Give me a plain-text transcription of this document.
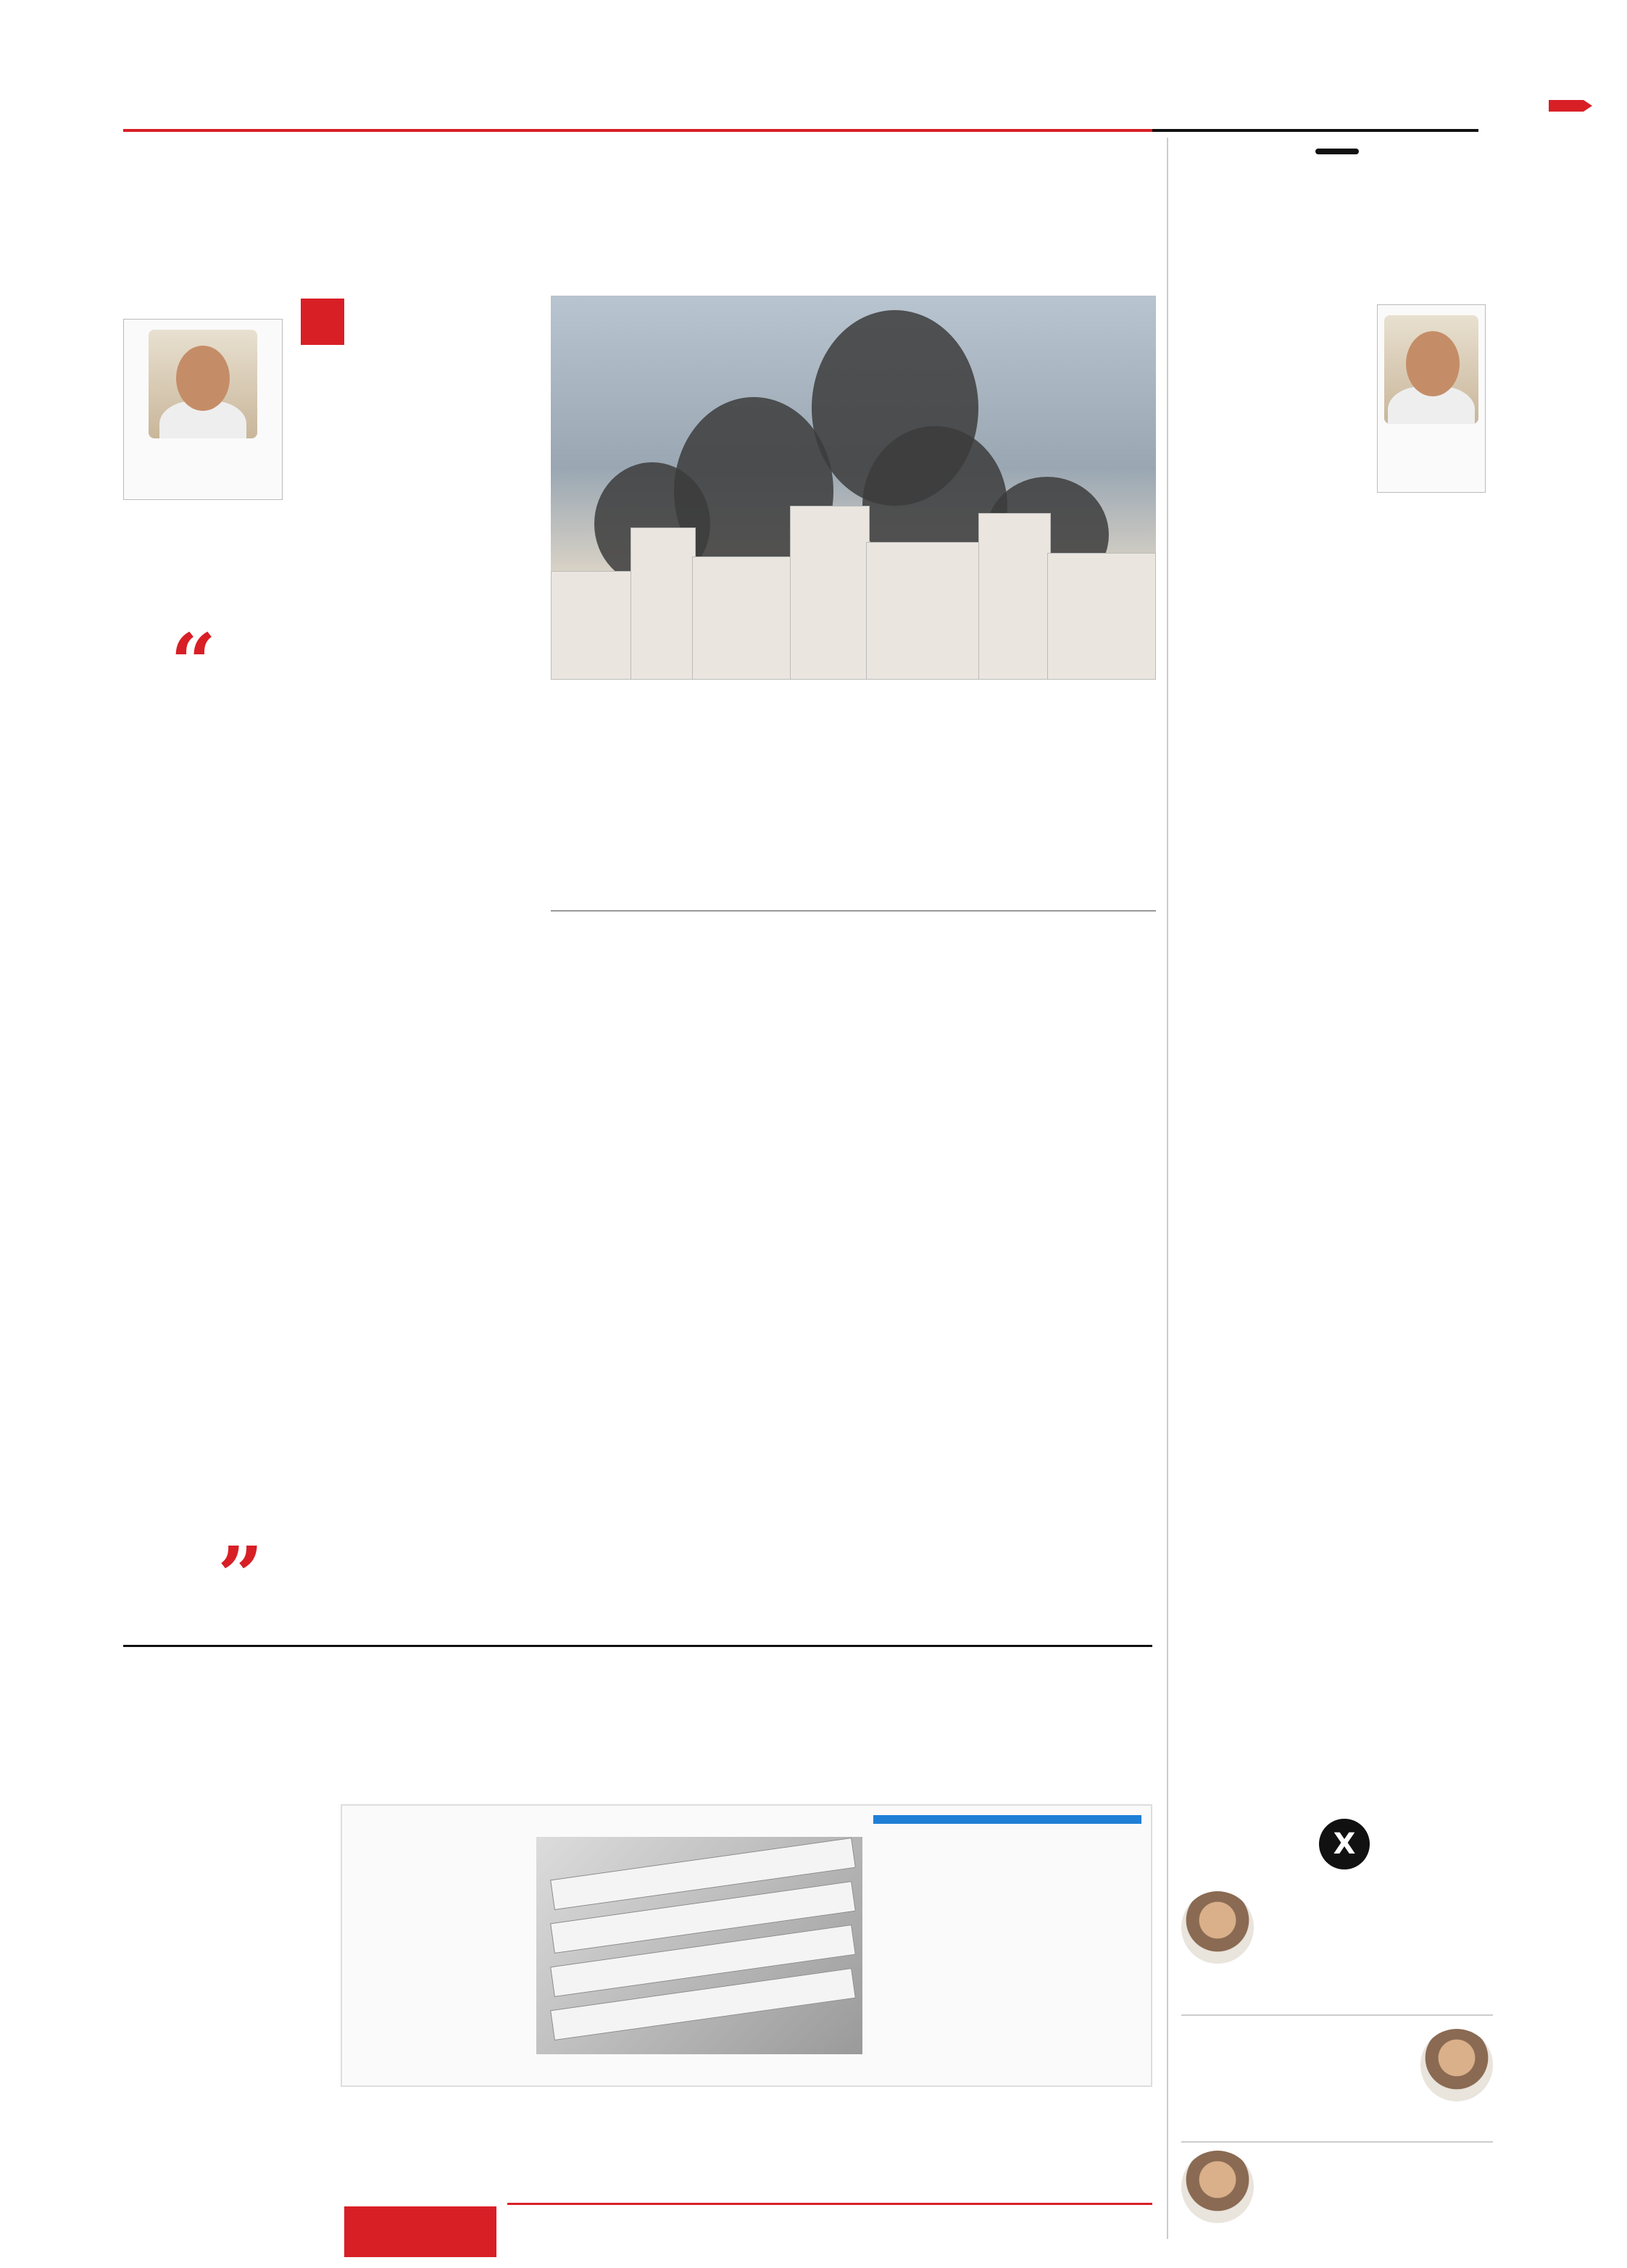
“
”
X
